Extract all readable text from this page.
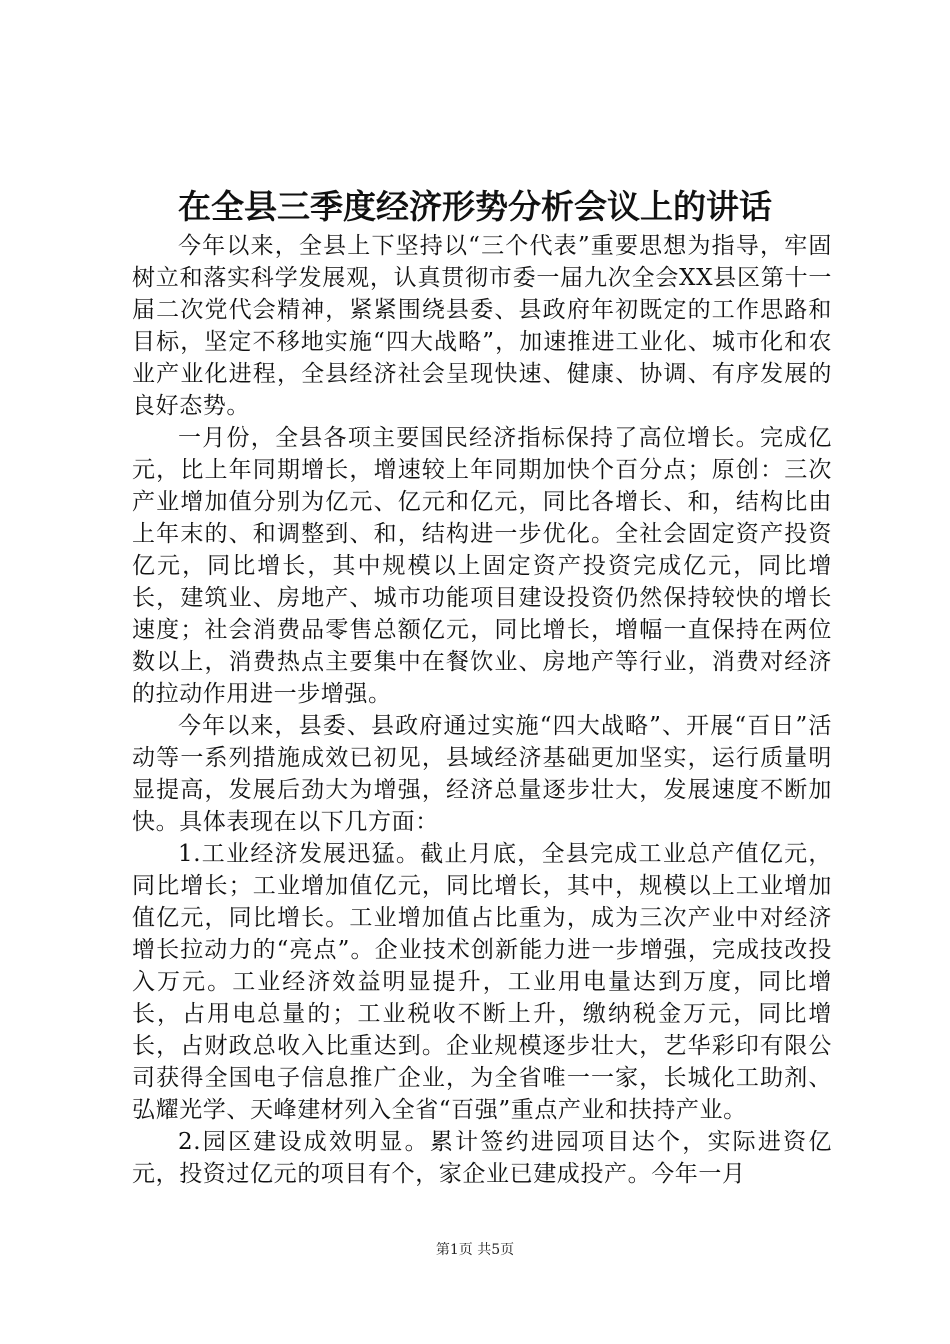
在全县三季度经济形势分析会议上的讲话

今年以来，全县上下坚持以“三个代表”重要思想为指导，牢固树立和落实科学发展观，认真贯彻市委一届九次全会XX县区第十一届二次党代会精神，紧紧围绕县委、县政府年初既定的工作思路和目标，坚定不移地实施“四大战略”，加速推进工业化、城市化和农业产业化进程，全县经济社会呈现快速、健康、协调、有序发展的良好态势。

一月份，全县各项主要国民经济指标保持了高位增长。完成亿元，比上年同期增长，增速较上年同期加快个百分点；原创：三次产业增加值分别为亿元、亿元和亿元，同比各增长、和，结构比由上年末的、和调整到、和，结构进一步优化。全社会固定资产投资亿元，同比增长，其中规模以上固定资产投资完成亿元，同比增长，建筑业、房地产、城市功能项目建设投资仍然保持较快的增长速度；社会消费品零售总额亿元，同比增长，增幅一直保持在两位数以上，消费热点主要集中在餐饮业、房地产等行业，消费对经济的拉动作用进一步增强。

今年以来，县委、县政府通过实施“四大战略”、开展“百日”活动等一系列措施成效已初见，县域经济基础更加坚实，运行质量明显提高，发展后劲大为增强，经济总量逐步壮大，发展速度不断加快。具体表现在以下几方面：

1.工业经济发展迅猛。截止月底，全县完成工业总产值亿元，同比增长；工业增加值亿元，同比增长，其中，规模以上工业增加值亿元，同比增长。工业增加值占比重为，成为三次产业中对经济增长拉动力的“亮点”。企业技术创新能力进一步增强，完成技改投入万元。工业经济效益明显提升，工业用电量达到万度，同比增长，占用电总量的；工业税收不断上升，缴纳税金万元，同比增长，占财政总收入比重达到。企业规模逐步壮大，艺华彩印有限公司获得全国电子信息推广企业，为全省唯一一家，长城化工助剂、弘耀光学、天峰建材列入全省“百强”重点产业和扶持产业。

2.园区建设成效明显。累计签约进园项目达个，实际进资亿元，投资过亿元的项目有个，家企业已建成投产。今年一月

第1页 共5页
